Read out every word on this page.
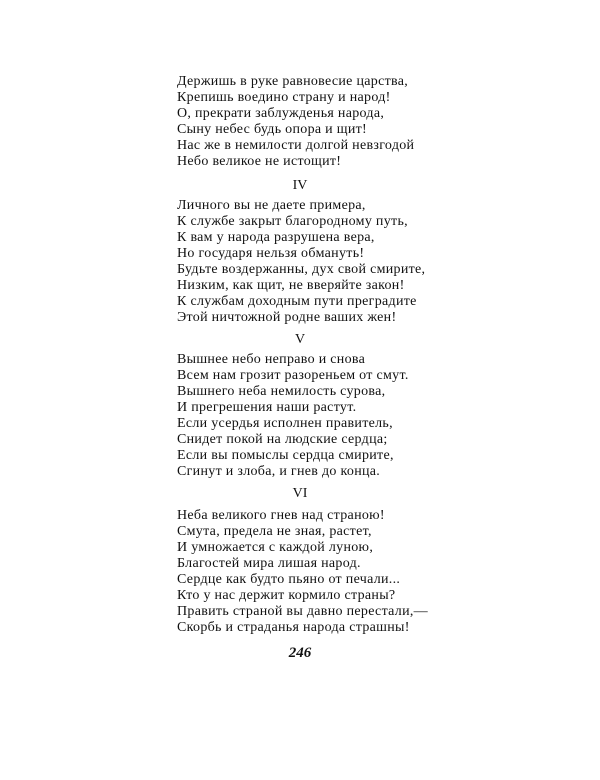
Держишь в руке равновесие царства,
Крепишь воедино страну и народ!
О, прекрати заблужденья народа,
Сыну небес будь опора и щит!
Нас же в немилости долгой невзгодой
Небо великое не истощит!
IV
Личного вы не даете примера,
К службе закрыт благородному путь,
К вам у народа разрушена вера,
Но государя нельзя обмануть!
Будьте воздержанны, дух свой смирите,
Низким, как щит, не вверяйте закон!
К службам доходным пути преградите
Этой ничтожной родне ваших жен!
V
Вышнее небо неправо и снова
Всем нам грозит разореньем от смут.
Вышнего неба немилость сурова,
И прегрешения наши растут.
Если усердья исполнен правитель,
Снидет покой на людские сердца;
Если вы помыслы сердца смирите,
Сгинут и злоба, и гнев до конца.
VI
Неба великого гнев над страною!
Смута, предела не зная, растет,
И умножается с каждой луною,
Благостей мира лишая народ.
Сердце как будто пьяно от печали...
Кто у нас держит кормило страны?
Править страной вы давно перестали,—
Скорбь и страданья народа страшны!
246
